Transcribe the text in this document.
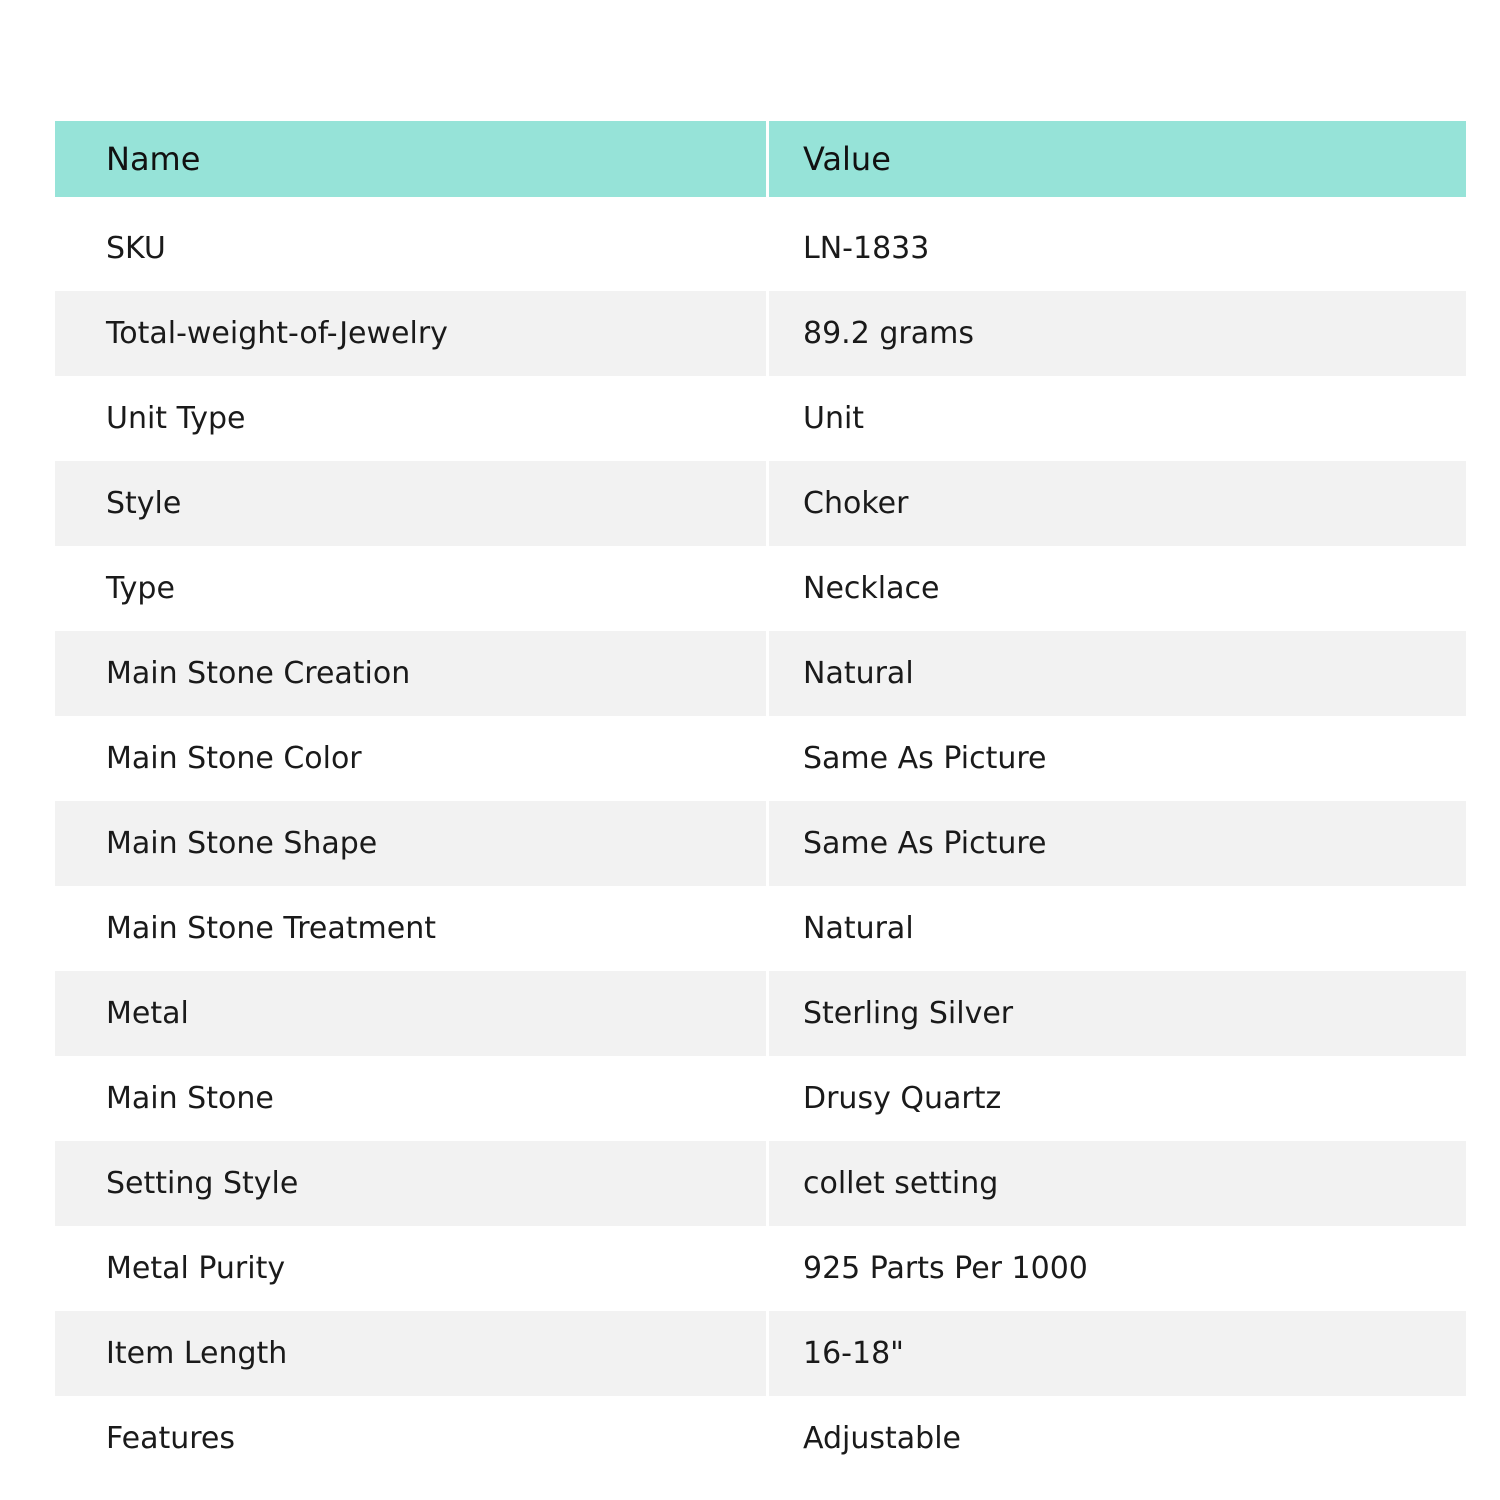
Name	Value
SKU	LN-1833
Total-weight-of-Jewelry	89.2 grams
Unit Type	Unit
Style	Choker
Type	Necklace
Main Stone Creation	Natural
Main Stone Color	Same As Picture
Main Stone Shape	Same As Picture
Main Stone Treatment	Natural
Metal	Sterling Silver
Main Stone	Drusy Quartz
Setting Style	collet setting
Metal Purity	925 Parts Per 1000
Item Length	16-18"
Features	Adjustable
